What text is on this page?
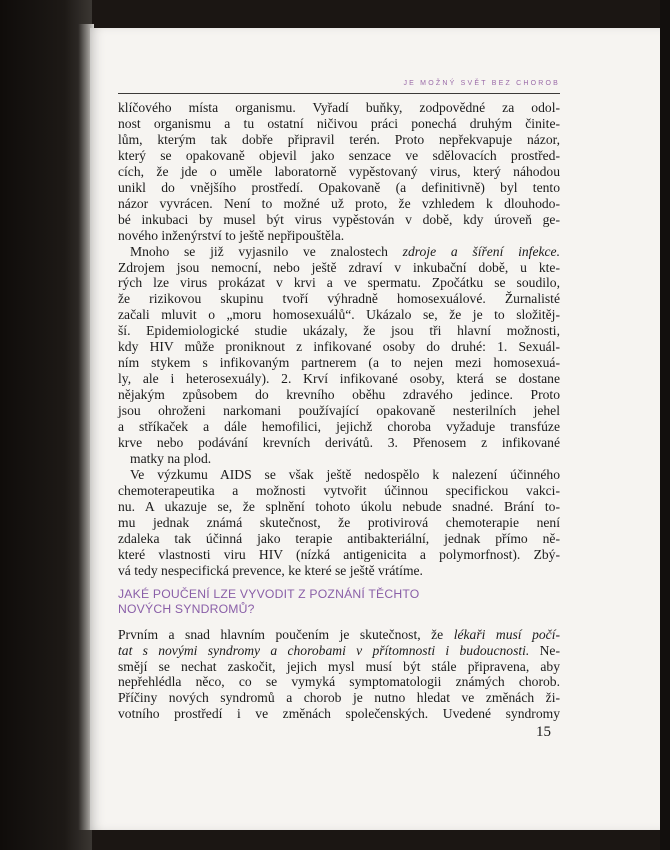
JE MOŽNÝ SVĚT BEZ CHOROB
klíčového místa organismu. Vyřadí buňky, zodpovědné za odol-
nost organismu a tu ostatní ničivou práci ponechá druhým činite-
lům, kterým tak dobře připravil terén. Proto nepřekvapuje názor,
který se opakovaně objevil jako senzace ve sdělovacích prostřed-
cích, že jde o uměle laboratorně vypěstovaný virus, který náhodou
unikl do vnějšího prostředí. Opakovaně (a definitivně) byl tento
názor vyvrácen. Není to možné už proto, že vzhledem k dlouhodo-
bé inkubaci by musel být virus vypěstován v době, kdy úroveň ge-
nového inženýrství to ještě nepřipouštěla.
Mnoho se již vyjasnilo ve znalostech zdroje a šíření infekce.
Zdrojem jsou nemocní, nebo ještě zdraví v inkubační době, u kte-
rých lze virus prokázat v krvi a ve spermatu. Zpočátku se soudilo,
že rizikovou skupinu tvoří výhradně homosexuálové. Žurnalisté
začali mluvit o „moru homosexuálů“. Ukázalo se, že je to složitěj-
ší. Epidemiologické studie ukázaly, že jsou tři hlavní možnosti,
kdy HIV může proniknout z infikované osoby do druhé: 1. Sexuál-
ním stykem s infikovaným partnerem (a to nejen mezi homosexuá-
ly, ale i heterosexuály). 2. Krví infikované osoby, která se dostane
nějakým způsobem do krevního oběhu zdravého jedince. Proto
jsou ohroženi narkomani používající opakovaně nesterilních jehel
a stříkaček a dále hemofilici, jejichž choroba vyžaduje transfúze
krve nebo podávání krevních derivátů. 3. Přenosem z infikované
matky na plod.
Ve výzkumu AIDS se však ještě nedospělo k nalezení účinného
chemoterapeutika a možnosti vytvořit účinnou specifickou vakci-
nu. A ukazuje se, že splnění tohoto úkolu nebude snadné. Brání to-
mu jednak známá skutečnost, že protivirová chemoterapie není
zdaleka tak účinná jako terapie antibakteriální, jednak přímo ně-
které vlastnosti viru HIV (nízká antigenicita a polymorfnost). Zbý-
vá tedy nespecifická prevence, ke které se ještě vrátíme.
JAKÉ POUČENÍ LZE VYVODIT Z POZNÁNÍ TĚCHTO
NOVÝCH SYNDROMŮ?
Prvním a snad hlavním poučením je skutečnost, že lékaři musí počí-
tat s novými syndromy a chorobami v přítomnosti i budoucnosti. Ne-
smějí se nechat zaskočit, jejich mysl musí být stále připravena, aby
nepřehlédla něco, co se vymyká symptomatologii známých chorob.
Příčiny nových syndromů a chorob je nutno hledat ve změnách ži-
votního prostředí i ve změnách společenských. Uvedené syndromy
15
